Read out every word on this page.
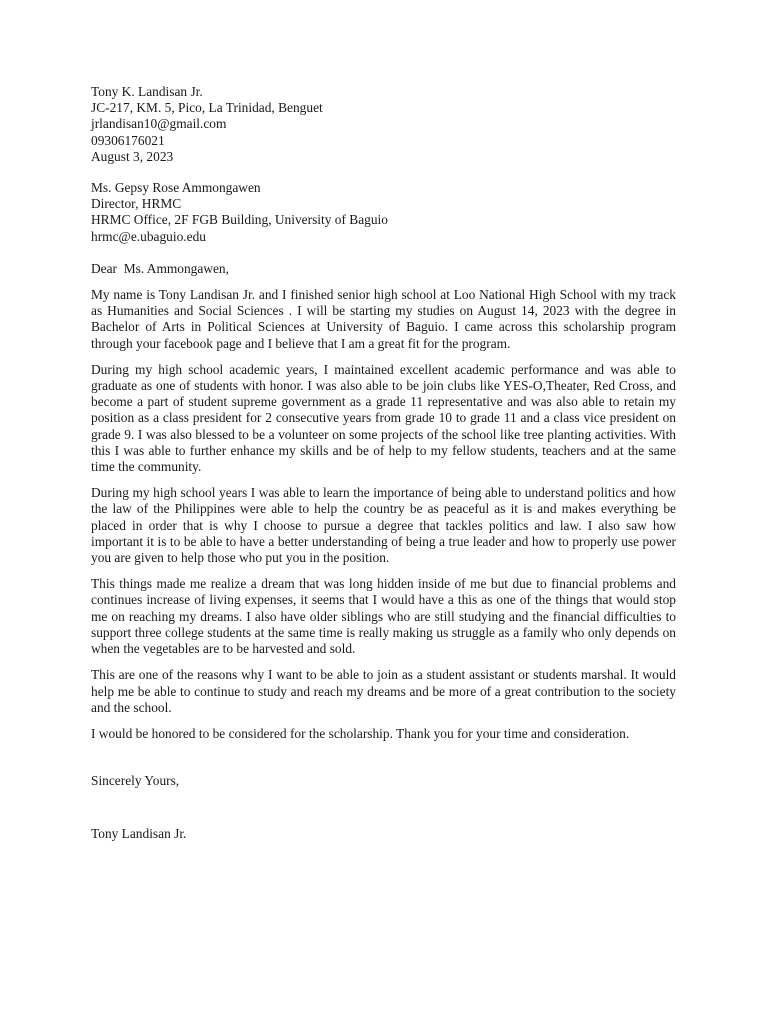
Tony K. Landisan Jr.
JC-217, KM. 5, Pico, La Trinidad, Benguet
jrlandisan10@gmail.com
09306176021
August 3, 2023
Ms. Gepsy Rose Ammongawen
Director, HRMC
HRMC Office, 2F FGB Building, University of Baguio
hrmc@e.ubaguio.edu

Dear  Ms. Ammongawen,

My name is Tony Landisan Jr. and I finished senior high school at Loo National High School with my track as Humanities and Social Sciences . I will be starting my studies on August 14, 2023 with the degree in Bachelor of Arts in Political Sciences at University of Baguio. I came across this scholarship program through your facebook page and I believe that I am a great fit for the program.

During my high school academic years, I maintained excellent academic performance and was able to graduate as one of students with honor. I was also able to be join clubs like YES-O,Theater, Red Cross, and become a part of student supreme government as a grade 11 representative and was also able to retain my position as a class president for 2 consecutive years from grade 10 to grade 11 and a class vice president on grade 9. I was also blessed to be a volunteer on some projects of the school like tree planting activities. With this I was able to further enhance my skills and be of help to my fellow students, teachers and at the same time the community.

During my high school years I was able to learn the importance of being able to understand politics and how the law of the Philippines were able to help the country be as peaceful as it is and makes everything be placed in order that is why I choose to pursue a degree that tackles politics and law. I also saw how important it is to be able to have a better understanding of being a true leader and how to properly use power you are given to help those who put you in the position.

This things made me realize a dream that was long hidden inside of me but due to financial problems and continues increase of living expenses, it seems that I would have a this as one of the things that would stop me on reaching my dreams. I also have older siblings who are still studying and the financial difficulties to support three college students at the same time is really making us struggle as a family who only depends on when the vegetables are to be harvested and sold.

This are one of the reasons why I want to be able to join as a student assistant or students marshal. It would help me be able to continue to study and reach my dreams and be more of a great contribution to the society and the school.

I would be honored to be considered for the scholarship. Thank you for your time and consideration.

Sincerely Yours,
Tony Landisan Jr.
